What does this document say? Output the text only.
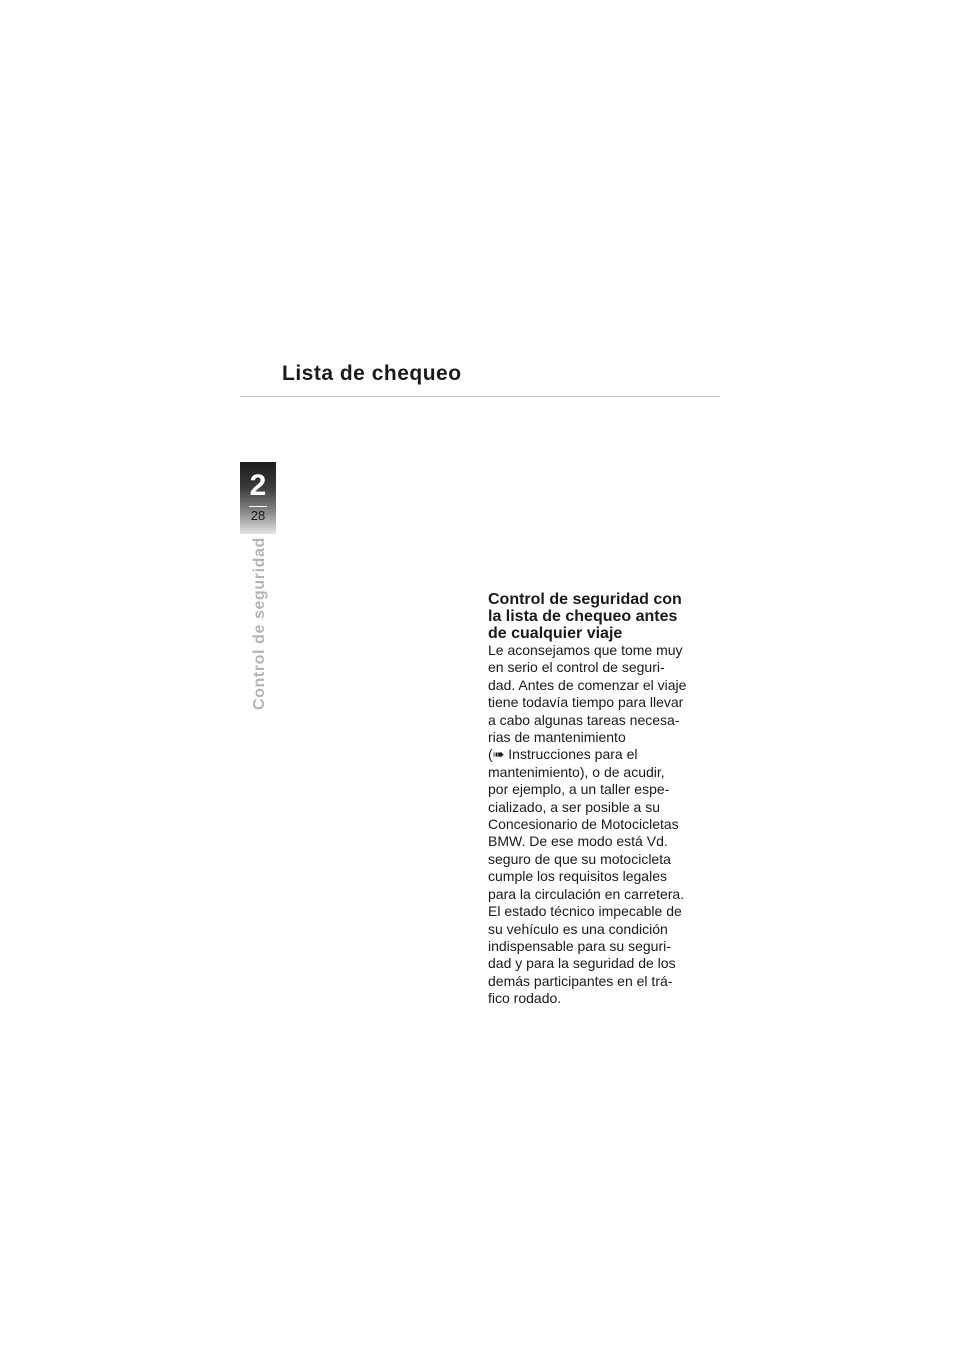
Lista de chequeo
2
28
Control de seguridad	Control de seguridad con
la lista de chequeo antes
de cualquier viaje

Le aconsejamos que tome muy
en serio el control de seguri-
dad. Antes de comenzar el viaje
tiene todavía tiempo para llevar
a cabo algunas tareas necesa-
rias de mantenimiento
(➠ Instrucciones para el
mantenimiento), o de acudir,
por ejemplo, a un taller espe-
cializado, a ser posible a su
Concesionario de Motocicletas
BMW. De ese modo está Vd.
seguro de que su motocicleta
cumple los requisitos legales
para la circulación en carretera.
El estado técnico impecable de
su vehículo es una condición
indispensable para su seguri-
dad y para la seguridad de los
demás participantes en el trá-
fico rodado.
